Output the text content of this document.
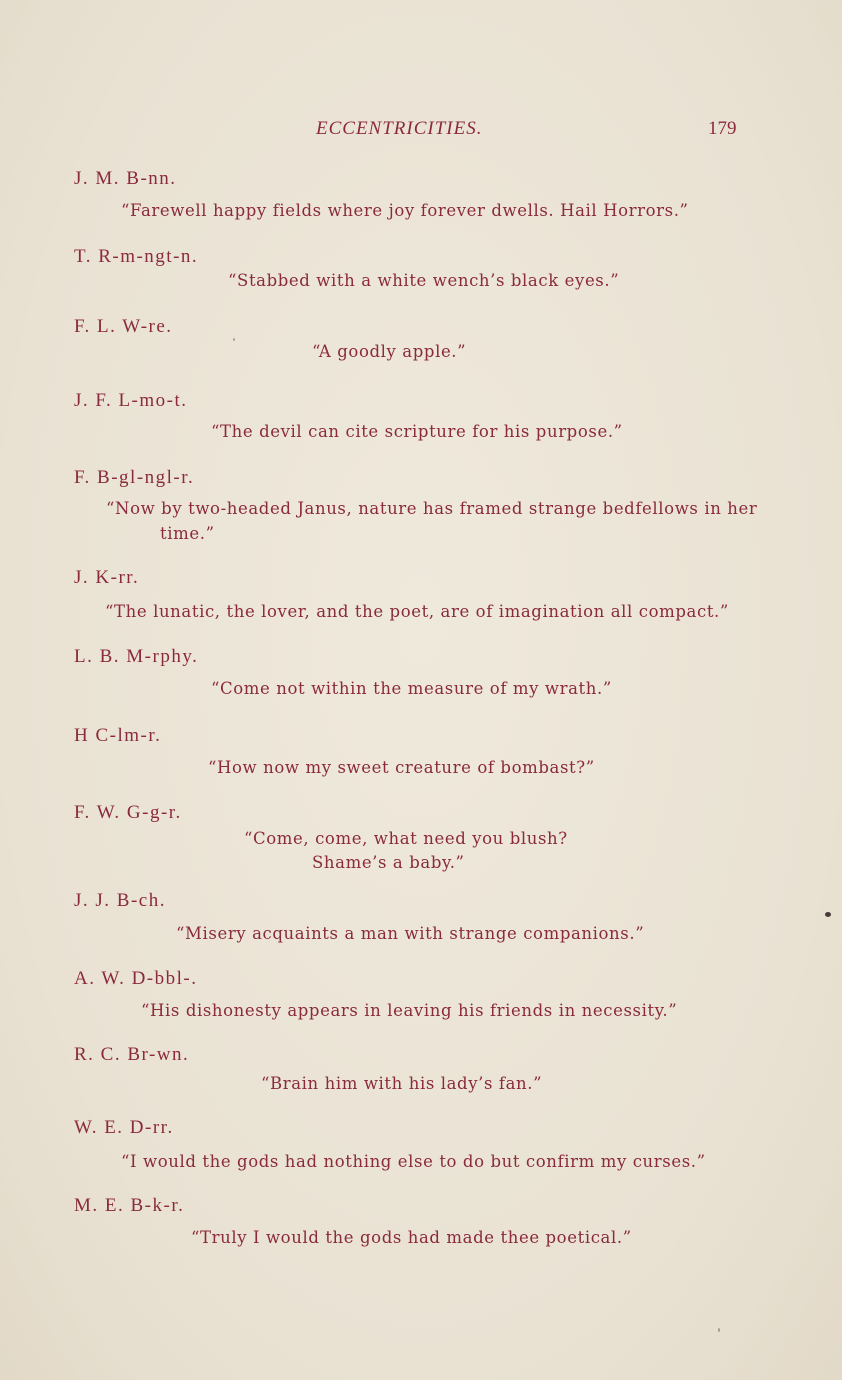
ECCENTRICITIES.	179
J. M. B-nn.
“Farewell happy fields where joy forever dwells. Hail Horrors.”
T. R-m-ngt-n.
“Stabbed with a white wench’s black eyes.”
F. L. W-re.
“A goodly apple.”
J. F. L-mo-t.
“The devil can cite scripture for his purpose.”
F. B-gl-ngl-r.
“Now by two-headed Janus, nature has framed strange bedfellows in her
time.”
J. K-rr.
“The lunatic, the lover, and the poet, are of imagination all compact.”
L. B. M-rphy.
“Come not within the measure of my wrath.”
H C-lm-r.
“How now my sweet creature of bombast?”
F. W. G-g-r.
“Come, come, what need you blush?
Shame’s a baby.”
J. J. B-ch.
“Misery acquaints a man with strange companions.”
A. W. D-bbl-.
“His dishonesty appears in leaving his friends in necessity.”
R. C. Br-wn.
“Brain him with his lady’s fan.”
W. E. D-rr.
“I would the gods had nothing else to do but confirm my curses.”
M. E. B-k-r.
“Truly I would the gods had made thee poetical.”
